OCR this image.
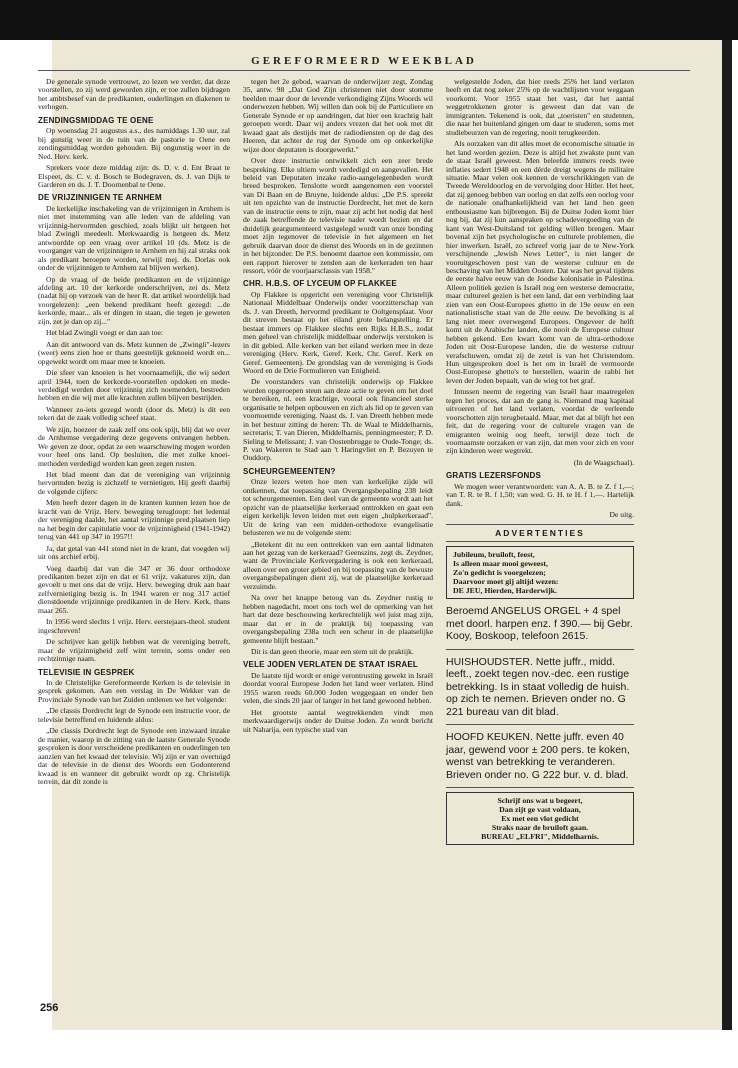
GEREFORMEERD WEEKBLAD

De generale synode vertrouwt, zo lezen we verder, dat deze voorstellen, zo zij werd geworden zijn, er toe zullen bijdragen het ambtsbesef van de predikanten, ouderlingen en diakenen te verhogen.

ZENDINGSMIDDAG TE OENE

Op woensdag 21 augustus a.s., des namiddags 1.30 uur, zal bij gunstig weer in de tuin van de pastorie te Oene een zendingsmiddag worden gehouden. Bij ongunstig weer in de Ned. Herv. kerk.

Sprekers voor deze middag zijn: ds. D. v. d. Ent Braat te Elspeet, ds. C. v. d. Bosch te Bodegraven, ds. J. van Dijk te Garderen en ds. J. T. Doornenbal te Oene.

DE VRIJZINNIGEN TE ARNHEM

De kerkelijke inschakeling van de vrijzinnigen in Arnhem is niet met instemming van alle leden van de afdeling van vrijzinnig-hervormden geschied, zoals blijkt uit hetgeen het blad Zwingli meedeelt. Merkwaardig is hetgeen ds. Metz antwoordde op een vraag over artikel 10 (ds. Metz is de voorganger van de vrijzinnigen te Arnhem en hij zal straks ook als predikant beroepen worden, terwijl mej. ds. Dorlas ook onder de vrijzinnigen te Arnhem zal blijven werken).

Op de vraag of de beide predikanten en de vrijzinnige afdeling art. 10 der kerkorde onderschrijven, zei ds. Metz (nadat hij op verzoek van de heer R. dat artikel woordelijk had voorgelezen): „een bekend predikant heeft gezegd: ...de kerkorde, maar... als er dingen in staan, die tegen je geweten zijn, zet je dan op zij..."

Het blad Zwingli voegt er dan aan toe:

Aan dit antwoord van ds. Metz kunnen de „Zwingli"-lezers (weer) eens zien hoe er thans geestelijk geknoeid wordt en... opgewekt wordt om maar mee te knoeien.

Die sfeer van knoeien is het voornaamelijk, die wij sedert april 1944, toen de kerkorde-voorstellen opdoken en mede-verdedigd werden door vrijzinnig zich noemenden, bestreden hebben en die wij met alle krachten zullen blijven bestrijden.

Wanneer zo-iets gezegd wordt (door ds. Metz) is dit een teken dat de zaak volledig scheef staat.

We zijn, hoezeer de zaak zelf ons ook spijt, blij dat we over de Arnhemse vergadering deze gegevens ontvangen hebben. We geven ze door, opdat ze een waarschuwing mogen worden voor heel ons land. Op besluiten, die met zulke knoei-methoden verdedigd worden kan geen zegen rusten.

Het blad meent dan dat de vereniging van vrijzinnig hervormden bezig is zichzelf te vernietigen. Hij geeft daarbij de volgende cijfers:

Men heeft dezer dagen in de kranten kunnen lezen hoe de kracht van de Vrijz. Herv. beweging terugloopt: het ledental der vereniging daalde, het aantal vrijzinnige pred.plaatsen liep na het begin der capitulatie voor de vrijzinnigheid (1941-1942) terug van 441 op 347 in 1957!!

Ja, dat getal van 441 stond niet in de krant, dat voegden wij uit ons archief erbij.

Voeg daarbij dat van die 347 er 36 door orthodoxe predikanten bezet zijn en dat er 61 vrijz. vakatures zijn, dan gevoelt u met ons dat de vrijz. Herv. beweging druk aan haar zelfvernietiging bezig is. In 1941 waren er nog 317 actief dienstdoende vrijzinnige predikanten in de Herv. Kerk, thans maar 265.

In 1956 werd slechts 1 vrijz. Herv. eerstejaars-theol. student ingeschreven!

De schrijver kan gelijk hebben wat de vereniging betreft, maar de vrijzinnigheid zelf wint terrein, soms onder een rechtzinnige naam.

TELEVISIE IN GESPREK

In de Christelijke Gereformeerde Kerken is de televisie in gesprek gekomen. Aan een verslag in De Wekker van de Provinciale Synode van het Zuiden ontlenen we het volgende:

„De classis Dordrecht legt de Synode een instructie voor, de televisie betreffend en luidende aldus:

„De classis Dordrecht legt de Synode een inzwaard inzake de manier, waarop in de zitting van de laatste Generale Synode gesproken is door verscheidene predikanten en ouderlingen ten aanzien van het kwaad der televisie. Wij zijn er van overtuigd dat de televisie in de dienst des Woords een Godonterend kwaad is en wanneer dit gebruikt wordt op zg. Christelijk terrein, dat dit zonde is

tegen het 2e gebod, waarvan de onderwijzer zegt, Zondag 35, antw. 98 „Dat God Zijn christenen niet door stomme beelden maar door de levende verkondiging Zijns Woords wil onderwezen hebben. Wij willen dan ook bij de Particuliere en Generale Synode er op aandringen, dat hier een krachtig halt geroepen wordt. Daar wij anders vrezen dat het ook met dit kwaad gaat als destijds met de radiodiensten op de dag des Heeren, dat achter de rug der Synode om op onkerkelijke wijze door deputaten is doorgewerkt."

Over deze instructie ontwikkelt zich een zeer brede bespreking. Elke ultiem wordt verdedigd en aangevallen. Het beleid van Deputaten inzake radio-aangelegenheden wordt breed besproken. Tenslotte wordt aangenomen een voorstel van Di Baan en de Bruyne, luidende aldus: „De P.S. spreekt uit ten opzichte van de instructie Dordrecht, het met de kern van de instructie eens te zijn, maar zij acht het nodig dat heel de zaak betreffende de televisie nader wordt bezien en dat duidelijk geargumenteerd vastgelegd wordt van onze bonding moet zijn tegenover de televisie in het algemeen en het gebruik daarvan door de dienst des Woords en in de gezinnen in het bijzonder. De P.S. benoemt daartoe een kommissie, om een rapport hierover te zenden aan de kerkeraden ten haar ressort, vóór de voorjaarsclassis van 1958."

CHR. H.B.S. OF LYCEUM OP FLAKKEE

Op Flakkee is opgericht een vereniging voor Christelijk Nationaal Middelbaar Onderwijs onder voorzitterschap van ds. J. van Dreeth, hervormd predikant te Ooltgensplaat. Voor dit streven bestaat op het eiland grote belangstelling. Er bestaat immers op Flakkee slechts een Rijks H.B.S., zodat men geheel van christelijk middelbaar onderwijs verstoken is in dit gebied. Alle kerken van het eiland werken mee in deze vereniging (Herv. Kerk, Geref. Kerk, Chr. Geref. Kerk en Geref. Gemeenten). De grondslag van de vereniging is Gods Woord en de Drie Formulieren van Enigheid.

De voorstanders van christelijk onderwijs op Flakkee worden opgeroepen steun aan deze actie te geven om het doel te bereiken, nl. een krachtige, vooral ook financieel sterke organisatie te helpen opbouwen en zich als lid op te geven van voornoemde vereniging. Naast ds. J. van Dreeth hebben mede in het bestuur zitting de heren: Th. de Waal te Middelharnis, secretaris; T. van Dieren, Middelharnis, penningmeester; P. D. Sieling te Melissant; J. van Oostenbrugge te Oude-Tonge; ds. P. van Wakeren te Stad aan 't Haringvliet en P. Bezuyen te Ouddorp.

SCHEURGEMEENTEN?

Onze lezers weten hoe men van kerkelijke zijde wil ontkennen, dat toepassing van Overgangsbepaling 238 leidt tot scheurgemeenten. Een deel van de gemeente wordt aan het opzicht van de plaatselijke kerkeraad onttrokken en gaat een eigen kerkelijk leven leiden met een eigen „hulpkerkeraad". Uit de kring van een midden-orthodoxe evangelisatie belusteren we nu de volgende stem:

„Betekent dit nu een onttrekken van een aantal lidmaten aan het gezag van de kerkeraad? Geenszins, zegt ds. Zeydner, want de Provinciale Kerkvergadering is ook een kerkeraad, alleen over een groter gebied en bij toepassing van de bewuste overgangsbepalingen dient zij, wat de plaatselijke kerkeraad verzuimde.

Na over het knappe betoog van ds. Zeydner rustig te hebben nagedacht, moet ons toch wel de opmerking van het hart dat deze beschouwing kerkrechtelijk wel juist mag zijn, maar dat er in de praktijk bij toepassing van overgangsbepaling 238a toch een scheur in de plaatselijke gemeente blijft bestaan."

Dit is dan geen theorie, maar een stem uit de praktijk.

VELE JODEN VERLATEN DE STAAT ISRAEL

De laatste tijd wordt er enige verontrusting gewekt in Israël doordat vooral Europese Joden het land weer verlaten. Hind 1955 waren reeds 60.000 Joden weggegaan en onder hen velen, die sinds 20 jaar of langer in het land gewoond hebben.

Het grootste aantal wegtrekkenden vindt men merkwaardigerwijs onder de Duitse Joden. Zo wordt bericht uit Naharija, een typische stad van

welgestelde Joden, dat hier reeds 25% het land verlaten heeft en dat nog zeker 25% op de wachtlijsten voor weggaan voorkomt. Voor 1955 staat het vast, dat het aantal weggetrokkenen groter is geweest dan dat van de immigranten. Tekenend is ook, dat „toeristen" en studenten, die naar het buitenland gingen om daar te studeren, soms met studiebeurzen van de regering, nooit terugkeerden.

Als oorzaken van dit alles moet de economische situatie in het land worden gezien. Deze is altijd het zwakste punt van de staat Israël geweest. Men beleefde immers reeds twee inflaties sedert 1948 en een dérde dreigt wegens de militaire situatie. Maar velen ook kennen de verschrikkingen van de Tweede Wereldoorlog en de vervolging door Hitler. Het heet, dat zij genoeg hebben van oorlog en dat zelfs een oorlog voor de nationale onafhankelijkheid van het land hen geen enthousiasme kan bijbrengen. Bij de Duitse Joden komt hier nog bij, dat zij kun aanspraken op schadevergoeding van de kant van West-Duitsland tot gelding willen brengen. Maar bovenal zijn het psychologische en culturele problemen, die hier inwerken. Israël, zo schreef vorig jaar de te New-York verschijnende „Jewish News Letter", is niet langer de vooruitgeschoven post van de westerse cultuur en de beschaving van het Midden Oosten. Dat was het geval tijdens de eerste halve eeuw van de Joodse kolonisatie in Palestina. Alleen politiek gezien is Israël nog een westerse democratie, maar cultureel gezien is het een land, dat een verbinding laat zien van een Oost-Europees ghetto in de 19e eeuw en een nationalistische staat van de 20e eeuw. De bevolking is al lang niet meer overwegend Europees. Ongeveer de helft komt uit de Arabische landen, die nooit de Europese cultuur hebben gekend. Een kwart komt van de ultra-orthodoxe Joden uit Oost-Europese landen, die de westerse cultuur verafschuwen, omdat zij de zetel is van het Christendom. Hun uitgesproken doel is het om in Israël de vermoorde Oost-Europese ghetto's te herstellen, waarin de rabbi het leven der Joden bepaalt, van de wieg tot het graf.

Intussen neemt de regering van Israël haar maatregelen tegen het proces, dat aan de gang is. Niemand mag kapitaal uitvoeren of het land verlaten, voordat de verleende voorschotten zijn terugbetaald. Maar, met dat al blijft het een feit, dat de regering voor de culturele vragen van de emigranten weinig oog heeft, terwijl deze toch de voornaamste oorzaken er van zijn, dat men voor zich en voor zijn kinderen weer wegtrekt.

(In de Waagschaal).

GRATIS LEZERSFONDS

We mogen weer verantwoorden: van A. A. B. te Z. f 1,—; van T. R. te R. f 1,50; van wed. G. H. te H. f 1,—. Hartelijk dank.

De uitg.

ADVERTENTIES
Jubileum, bruiloft, feest,
Is alleen maar mooi geweest,
Zo'n gedicht is voorgelezen;
Daarvoor moet gij altijd wezen:
DE JEU, Hierden, Harderwijk.
Beroemd ANGELUS ORGEL + 4 spel met doorl. harpen enz. f 390.— bij Gebr. Kooy, Boskoop, telefoon 2615.
HUISHOUDSTER. Nette juffr., midd. leeft., zoekt tegen nov.-dec. een rustige betrekking. Is in staat volledig de huish. op zich te nemen. Brieven onder no. G 221 bureau van dit blad.
HOOFD KEUKEN. Nette juffr. even 40 jaar, gewend voor ± 200 pers. te koken, wenst van betrekking te veranderen. Brieven onder no. G 222 bur. v. d. blad.
Schrijf ons wat u begeert,
Dan zijt ge vast voldaan,
Ex met een vlot gedicht
Straks naar de bruiloft gaan.
BUREAU „ELFRI", Middelharnis.
256
